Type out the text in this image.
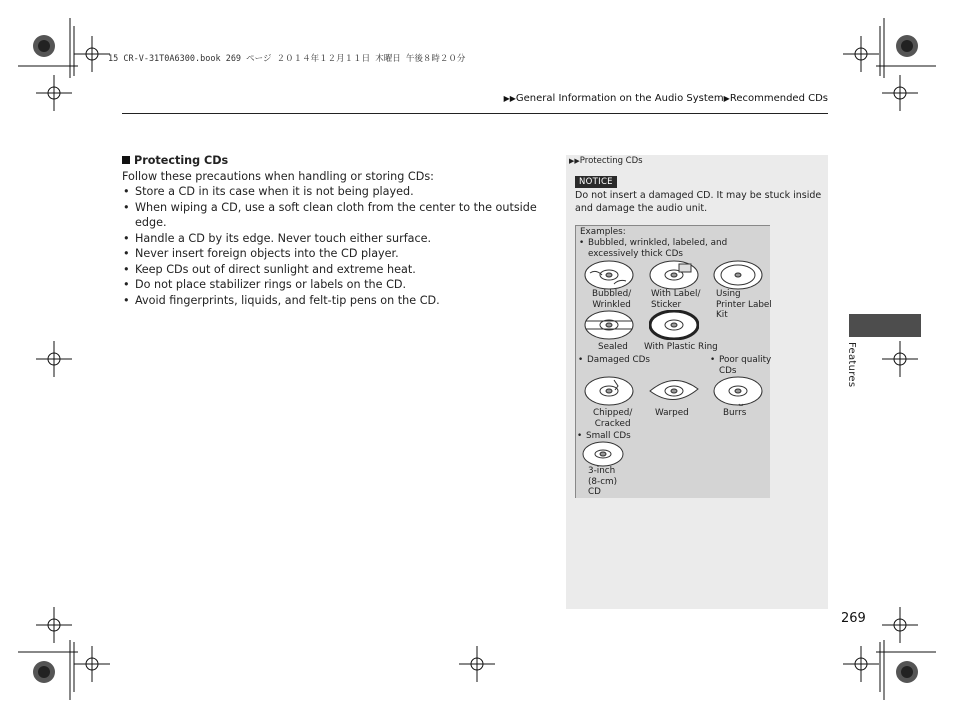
15 CR-V-31T0A6300.book 269 ページ ２０１４年１２月１１日 木曜日 午後８時２０分
▶▶General Information on the Audio System▶Recommended CDs
Protecting CDs

Follow these precautions when handling or storing CDs:

• Store a CD in its case when it is not being played.
• When wiping a CD, use a soft clean cloth from the center to the outside edge.
• Handle a CD by its edge. Never touch either surface.
• Never insert foreign objects into the CD player.
• Keep CDs out of direct sunlight and extreme heat.
• Do not place stabilizer rings or labels on the CD.
• Avoid fingerprints, liquids, and felt-tip pens on the CD.
▶▶Protecting CDs
NOTICE
Do not insert a damaged CD. It may be stuck inside and damage the audio unit.
Examples:
• Bubbled, wrinkled, labeled, and excessively thick CDs
Bubbled/
Wrinkled
With Label/
Sticker
Using
Printer Label
Kit
Sealed With Plastic Ring
• Damaged CDs
•	Poor quality
CDs
Chipped/
Cracked
Warped	Burrs
• Small CDs
3-inch
(8-cm)
CD
Features
269
